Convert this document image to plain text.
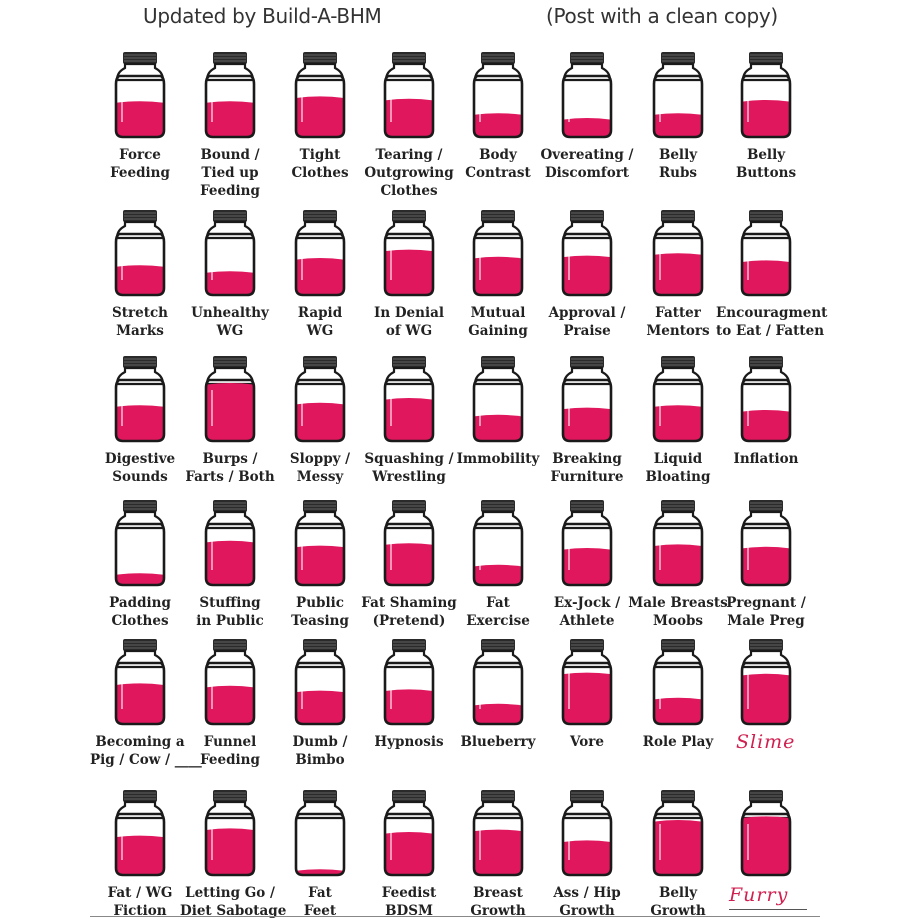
Updated by Build-A-BHM	(Post with a clean copy)
Force
Feeding
Bound /
Tied up
Feeding
Tight
Clothes
Tearing /
Outgrowing
Clothes
Body
Contrast
Overeating /
Discomfort
Belly
Rubs
Belly
Buttons
Stretch
Marks
Unhealthy
WG
Rapid
WG
In Denial
of WG
Mutual
Gaining
Approval /
Praise
Fatter
Mentors
Encouragment
to Eat / Fatten
Digestive
Sounds
Burps /
Farts / Both
Sloppy /
Messy
Squashing /
Wrestling
Immobility Breaking
Furniture
Liquid
Bloating
Inflation
Padding
Clothes
Stuffing
in Public
Public
Teasing
Fat Shaming
(Pretend)
Fat
Exercise
Ex-Jock /
Athlete
Male Breasts
Moobs
Pregnant /
Male Preg
Becoming a
Pig / Cow / ____
Funnel
Feeding
Dumb /
Bimbo
Hypnosis	Blueberry	Vore	Role Play
Fat / WG
Fiction
Letting Go /
Diet Sabotage
Fat
Feet
Feedist
BDSM
Breast
Growth
Ass / Hip
Growth
Belly
Growth
Slime
Furry
